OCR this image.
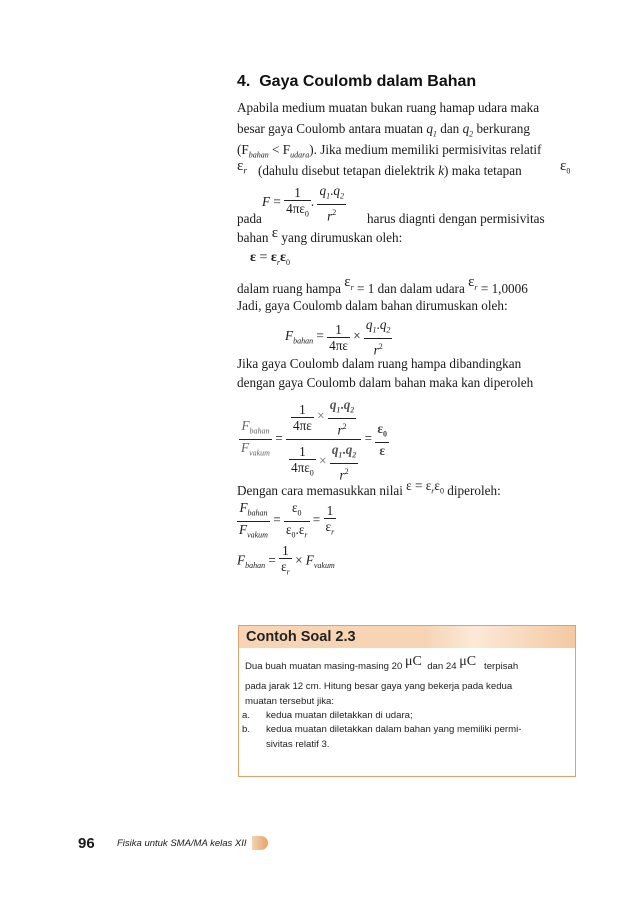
4. Gaya Coulomb dalam Bahan
Apabila medium muatan bukan ruang hamap udara maka
besar gaya Coulomb antara muatan $q_1$ dan $q_2$ berkurang
$(F_{bahan} < F_{udara})$. Jika medium memiliki permisivitas relatif
$\varepsilon_r$ (dahulu disebut tetapan dielektrik k) maka tetapan	$\varepsilon_0$
$F = \frac{1}{4\pi\varepsilon_0}$ . $\frac{q_1.q_2}{r^2}$
pada	harus diagnti dengan permisivitas
bahan ε yang dirumuskan oleh:
$\varepsilon = \varepsilon_r\varepsilon_0$
dalam ruang hampa $\varepsilon_r = 1$ dan dalam udara $\varepsilon_r = 1,0006$
Jadi, gaya Coulomb dalam bahan dirumuskan oleh:
$F_{bahan} = \frac{1}{4\pi\varepsilon} \times \frac{q_1.q_2}{r^2}$
Jika gaya Coulomb dalam ruang hampa dibandingkan
dengan gaya Coulomb dalam bahan maka kan diperoleh
$\frac{F_{bahan}}{F_{vakum}} = \frac{\frac{1}{4\pi\varepsilon} \times \frac{q_1.q_2}{r^2}}{\frac{1}{4\pi\varepsilon_0} \times \frac{q_1.q_2}{r^2}} = \frac{\varepsilon_0}{\varepsilon}$
Dengan cara memasukkan nilai $\varepsilon = \varepsilon_r\varepsilon_0$ diperoleh:
$\frac{F_{bahan}}{F_{vakum}} = \frac{\varepsilon_0}{\varepsilon_0.\varepsilon_r} = \frac{1}{\varepsilon_r}$
$F_{bahan} = \frac{1}{\varepsilon_r} \times F_{vakum}$
Contoh Soal 2.3
Dua buah muatan masing-masing 20 μC dan 24 μC terpisah
pada jarak 12 cm. Hitung besar gaya yang bekerja pada kedua
muatan tersebut jika:
a. kedua muatan diletakkan di udara;
b. kedua muatan diletakkan dalam bahan yang memiliki permi-
sivitas relatif 3.
96 Fisika untuk SMA/MA kelas XII
